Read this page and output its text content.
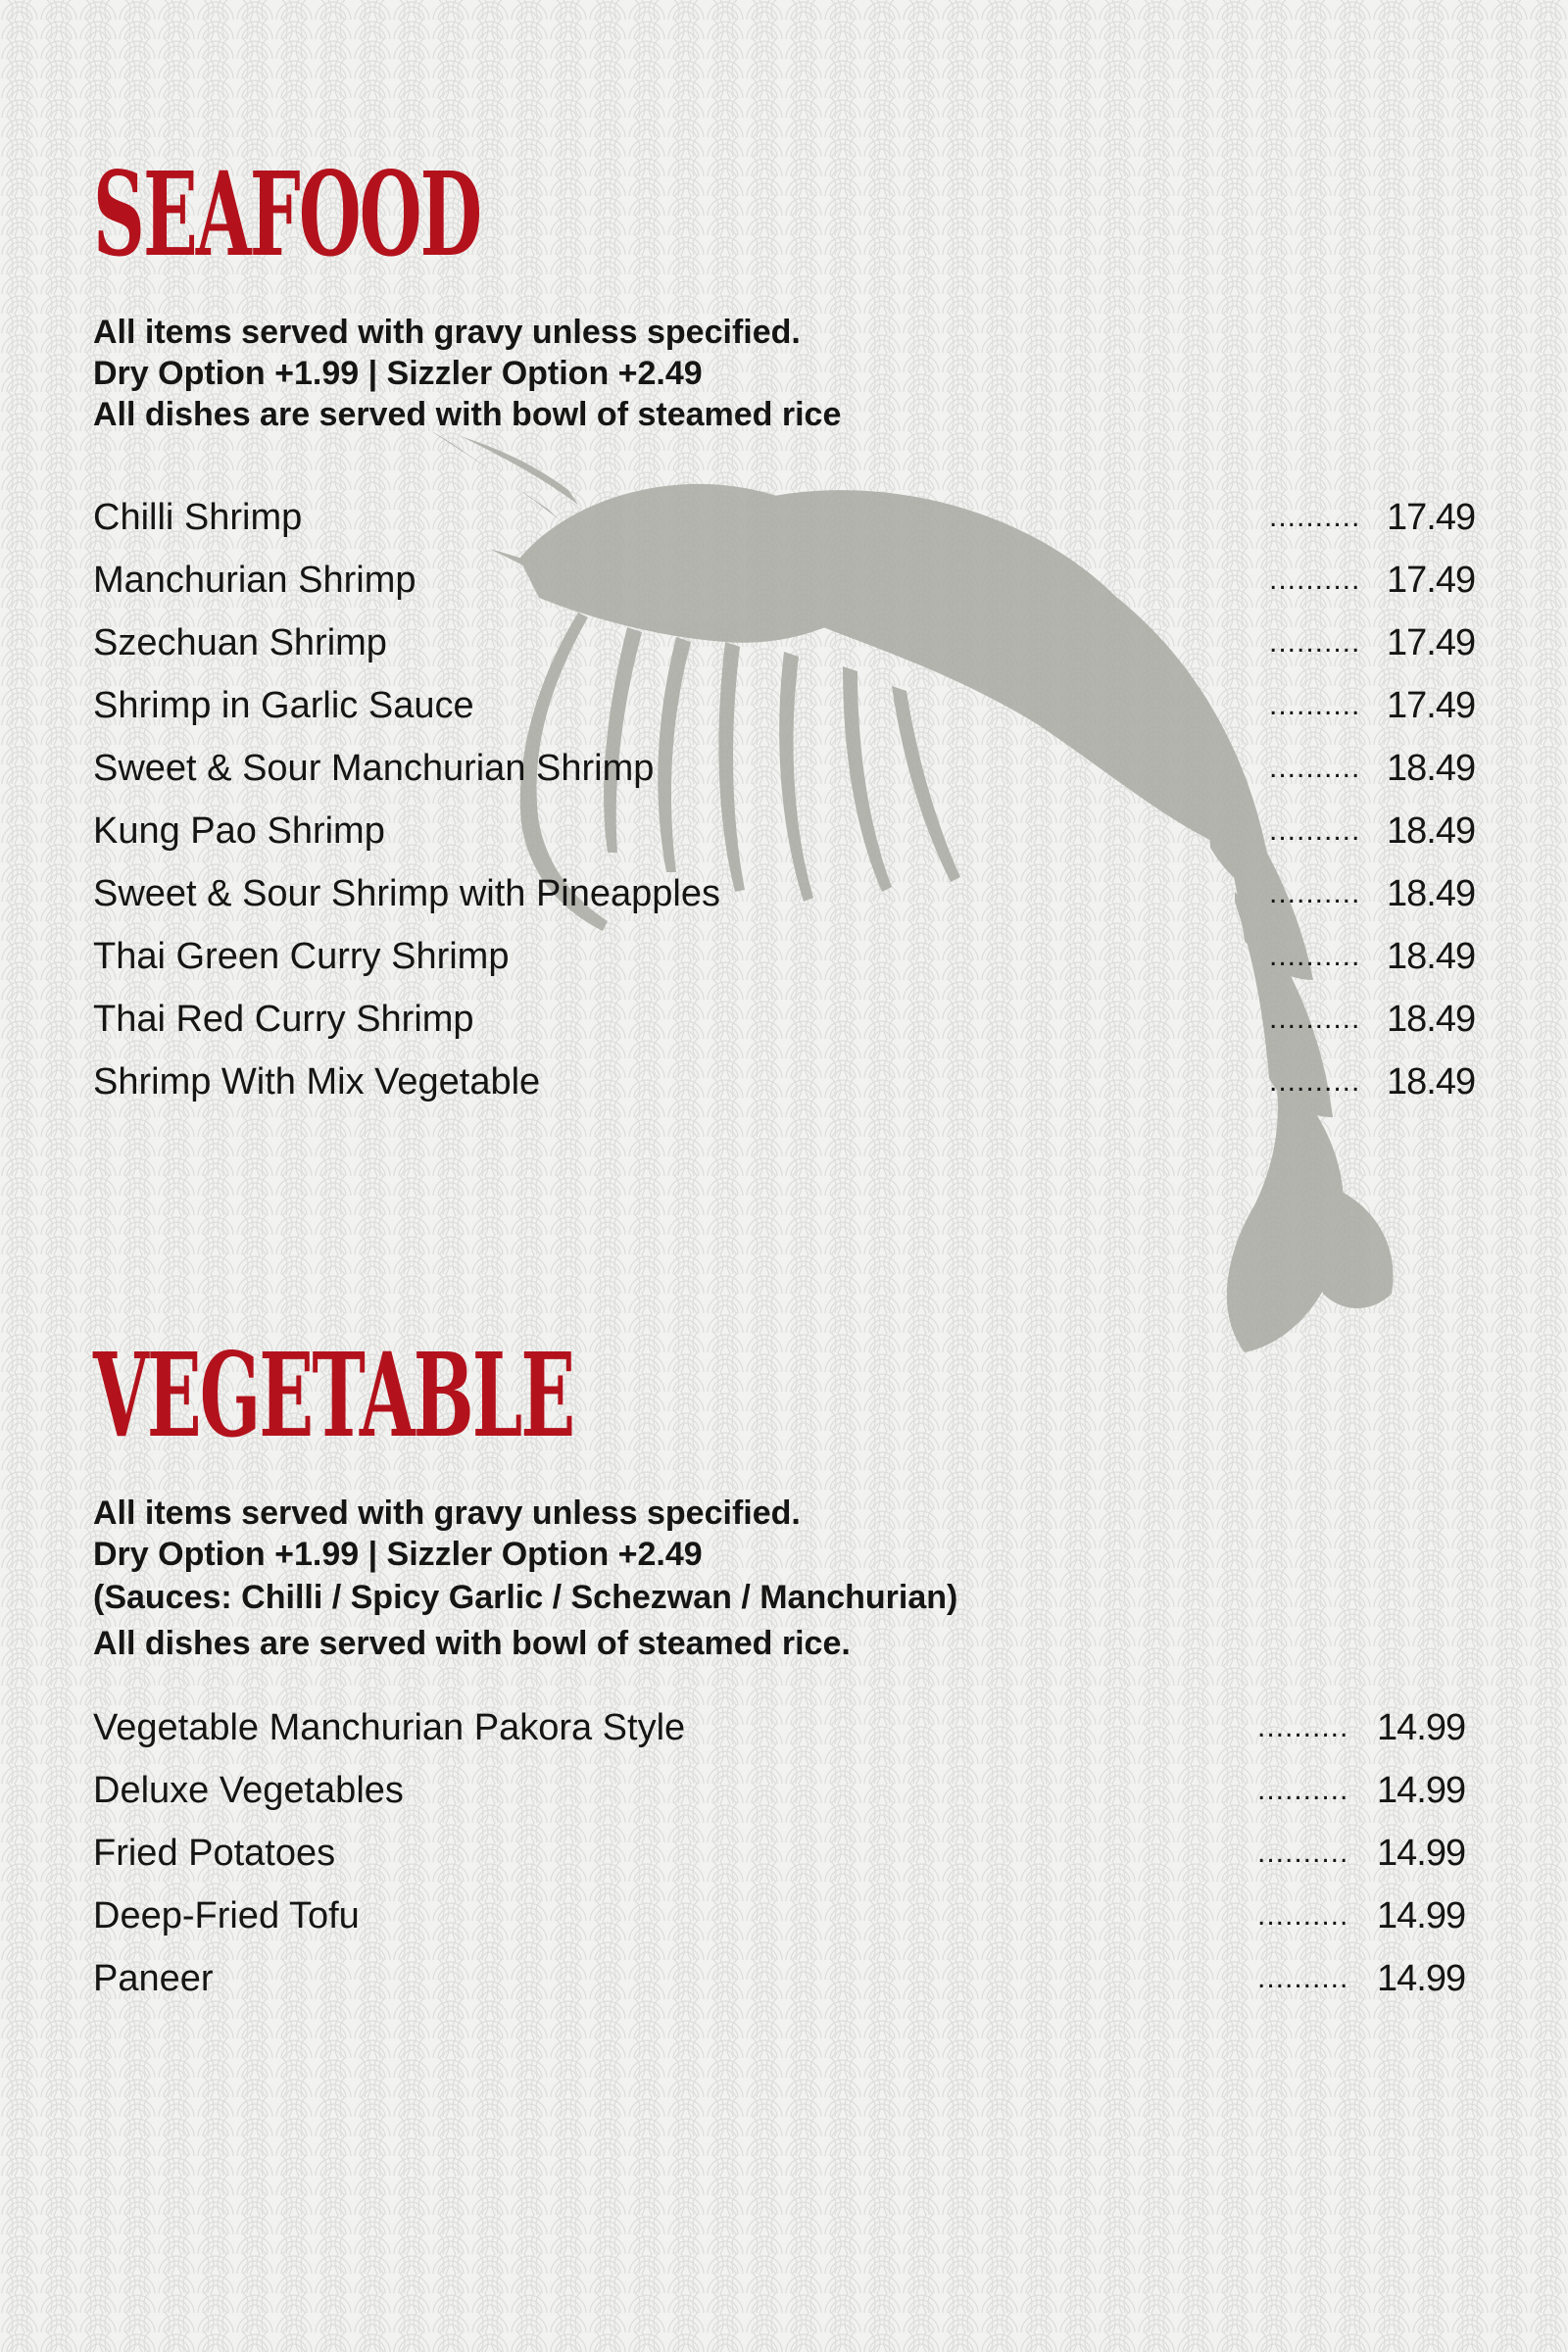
SEAFOOD
All items served with gravy unless specified.
Dry Option +1.99 | Sizzler Option +2.49
All dishes are served with bowl of steamed rice
Chilli Shrimp	.......... 17.49
Manchurian Shrimp	.......... 17.49
Szechuan Shrimp	.......... 17.49
Shrimp in Garlic Sauce	.......... 17.49
Sweet & Sour Manchurian Shrimp	.......... 18.49
Kung Pao Shrimp	.......... 18.49
Sweet & Sour Shrimp with Pineapples	.......... 18.49
Thai Green Curry Shrimp	.......... 18.49
Thai Red Curry Shrimp	.......... 18.49
Shrimp With Mix Vegetable	.......... 18.49
VEGETABLE
All items served with gravy unless specified.
Dry Option +1.99 | Sizzler Option +2.49
(Sauces: Chilli / Spicy Garlic / Schezwan / Manchurian)
All dishes are served with bowl of steamed rice.
Vegetable Manchurian Pakora Style	.......... 14.99
Deluxe Vegetables	.......... 14.99
Fried Potatoes	.......... 14.99
Deep-Fried Tofu	.......... 14.99
Paneer	.......... 14.99
